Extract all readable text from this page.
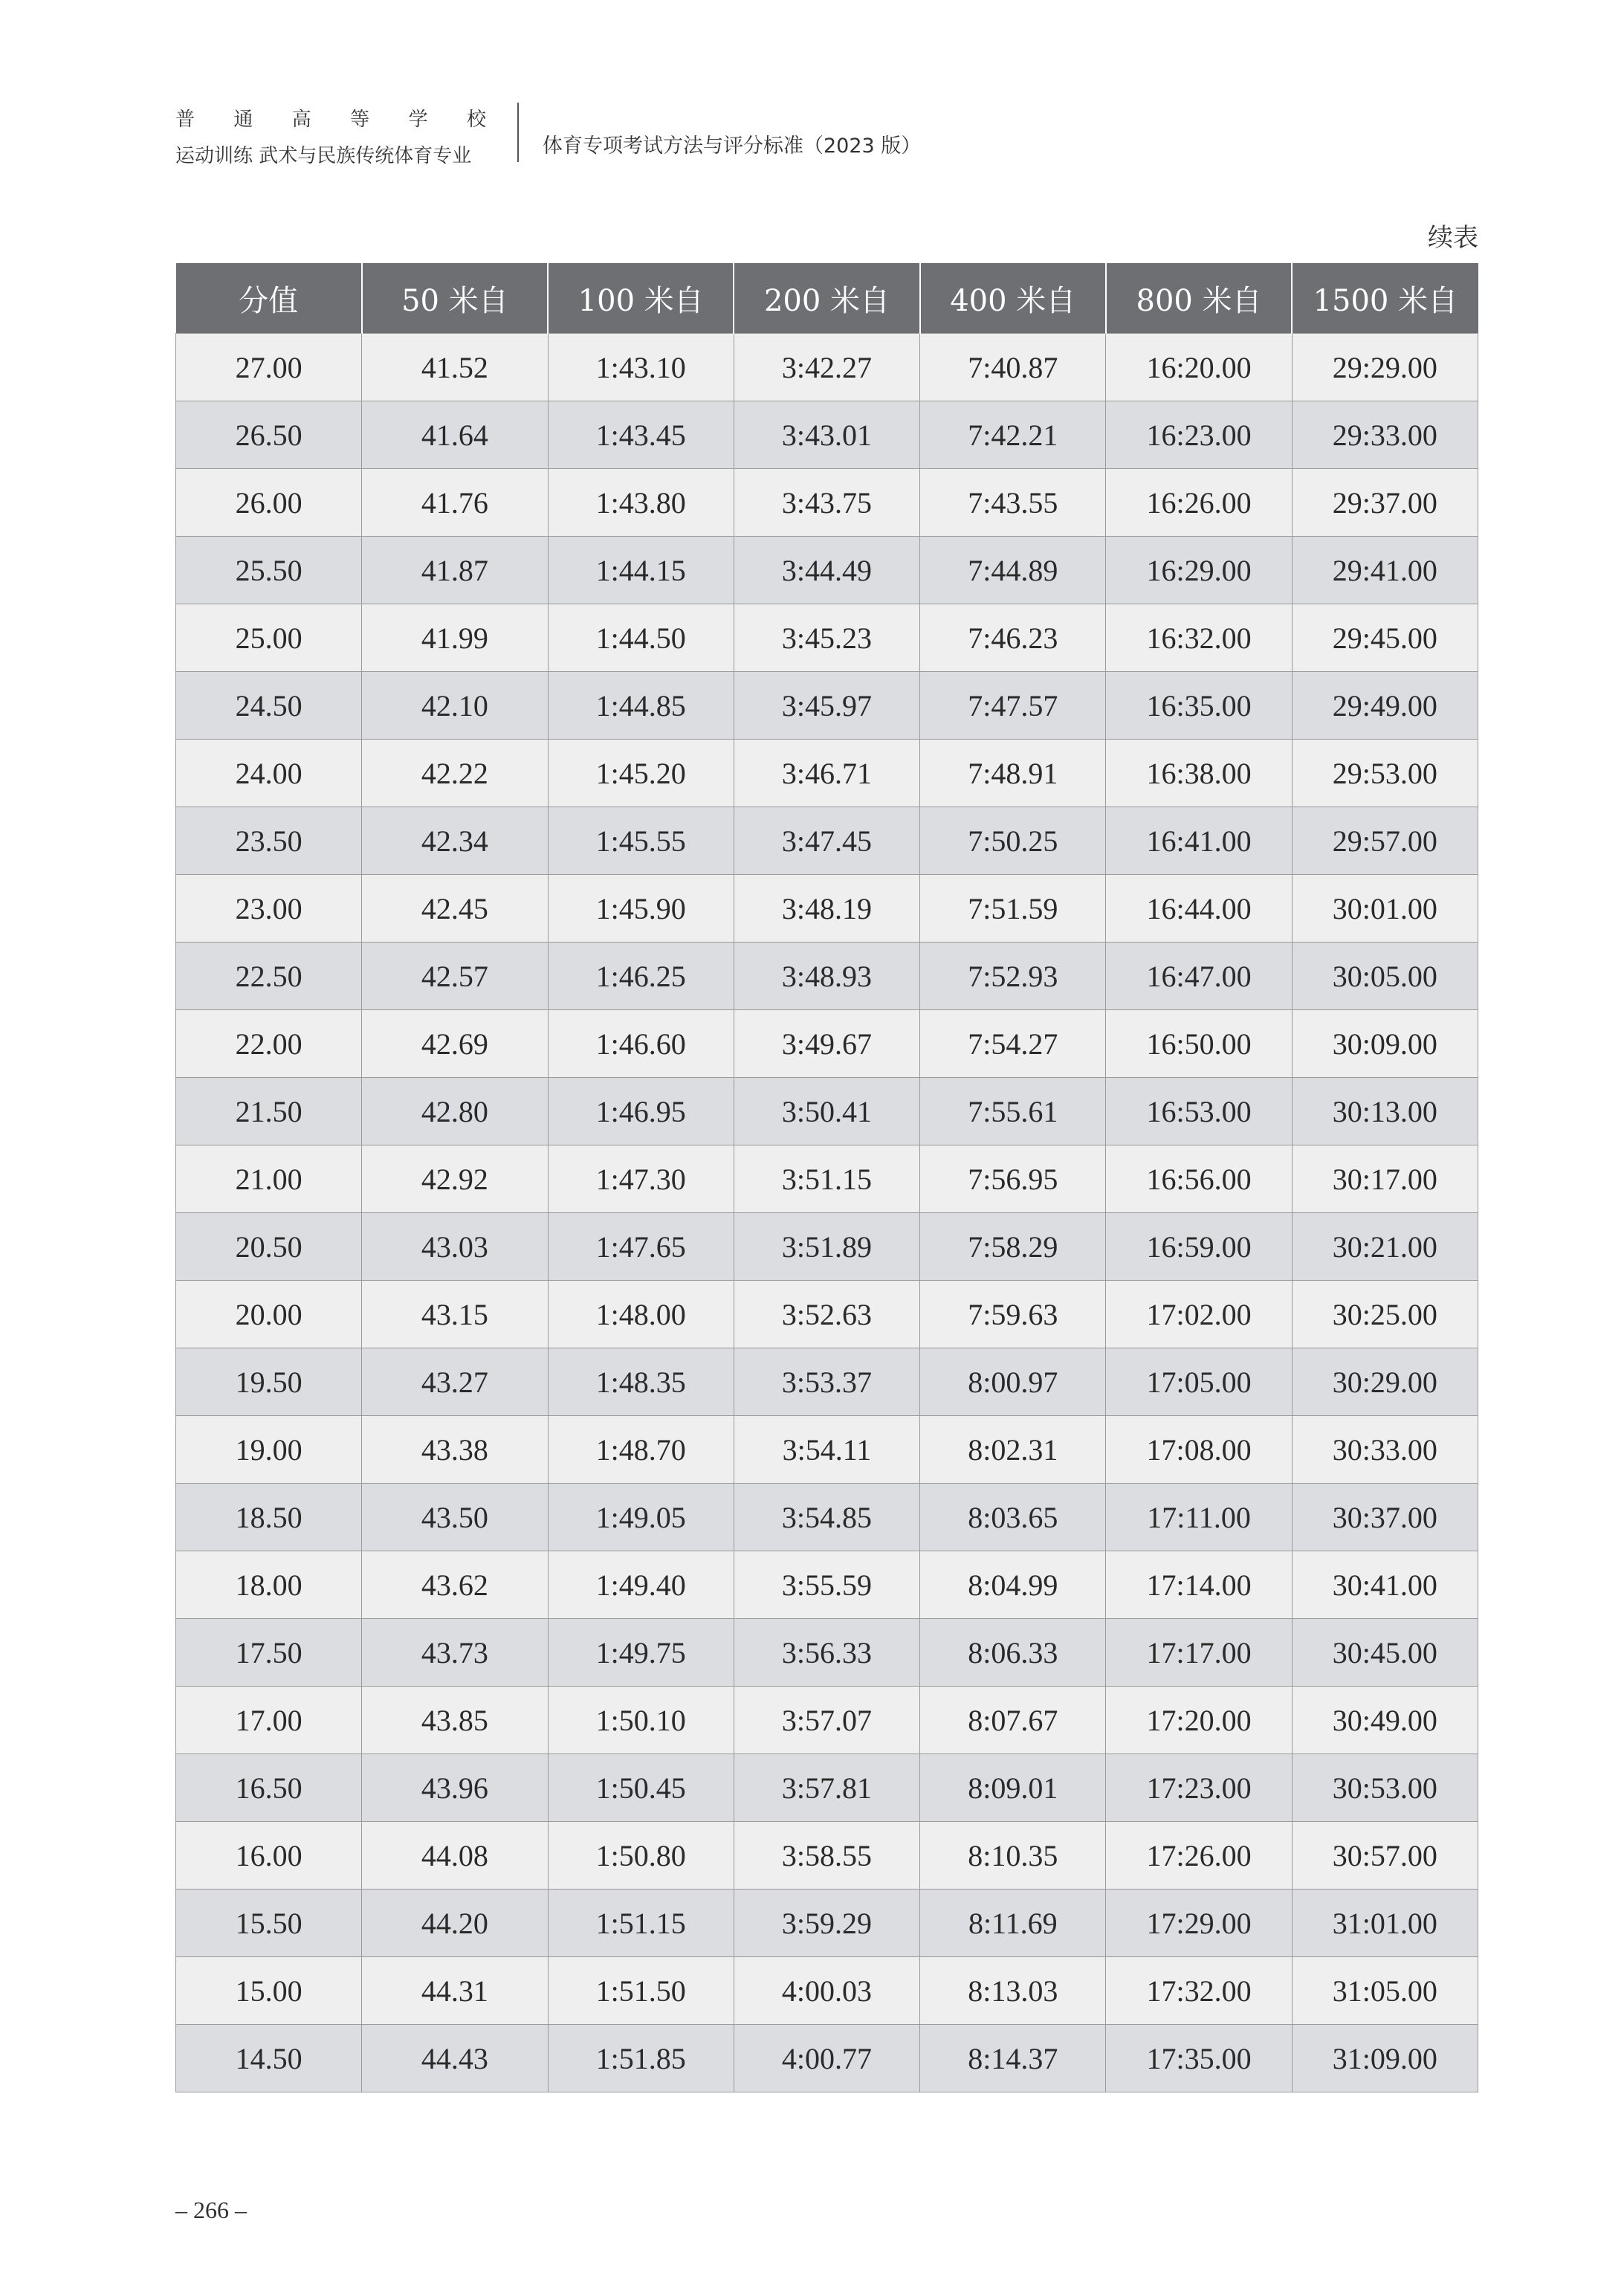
普 通 高 等 学 校
运动训练 武术与民族传统体育专业	体育专项考试方法与评分标准（2023 版）
续表
分值	50 米自	100 米自	200 米自	400 米自	800 米自	1500 米自
27.00	41.52	1:43.10	3:42.27	7:40.87	16:20.00	29:29.00
26.50	41.64	1:43.45	3:43.01	7:42.21	16:23.00	29:33.00
26.00	41.76	1:43.80	3:43.75	7:43.55	16:26.00	29:37.00
25.50	41.87	1:44.15	3:44.49	7:44.89	16:29.00	29:41.00
25.00	41.99	1:44.50	3:45.23	7:46.23	16:32.00	29:45.00
24.50	42.10	1:44.85	3:45.97	7:47.57	16:35.00	29:49.00
24.00	42.22	1:45.20	3:46.71	7:48.91	16:38.00	29:53.00
23.50	42.34	1:45.55	3:47.45	7:50.25	16:41.00	29:57.00
23.00	42.45	1:45.90	3:48.19	7:51.59	16:44.00	30:01.00
22.50	42.57	1:46.25	3:48.93	7:52.93	16:47.00	30:05.00
22.00	42.69	1:46.60	3:49.67	7:54.27	16:50.00	30:09.00
21.50	42.80	1:46.95	3:50.41	7:55.61	16:53.00	30:13.00
21.00	42.92	1:47.30	3:51.15	7:56.95	16:56.00	30:17.00
20.50	43.03	1:47.65	3:51.89	7:58.29	16:59.00	30:21.00
20.00	43.15	1:48.00	3:52.63	7:59.63	17:02.00	30:25.00
19.50	43.27	1:48.35	3:53.37	8:00.97	17:05.00	30:29.00
19.00	43.38	1:48.70	3:54.11	8:02.31	17:08.00	30:33.00
18.50	43.50	1:49.05	3:54.85	8:03.65	17:11.00	30:37.00
18.00	43.62	1:49.40	3:55.59	8:04.99	17:14.00	30:41.00
17.50	43.73	1:49.75	3:56.33	8:06.33	17:17.00	30:45.00
17.00	43.85	1:50.10	3:57.07	8:07.67	17:20.00	30:49.00
16.50	43.96	1:50.45	3:57.81	8:09.01	17:23.00	30:53.00
16.00	44.08	1:50.80	3:58.55	8:10.35	17:26.00	30:57.00
15.50	44.20	1:51.15	3:59.29	8:11.69	17:29.00	31:01.00
15.00	44.31	1:51.50	4:00.03	8:13.03	17:32.00	31:05.00
14.50	44.43	1:51.85	4:00.77	8:14.37	17:35.00	31:09.00
– 266 –
